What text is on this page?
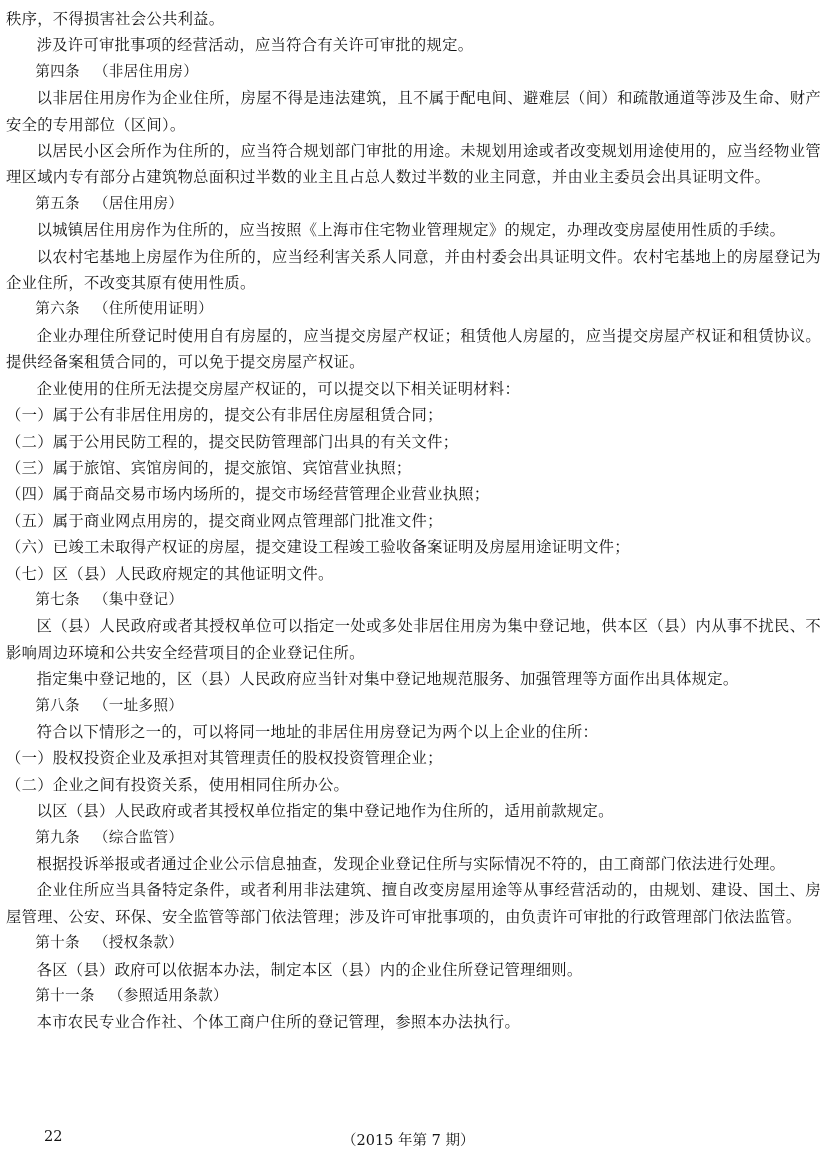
秩序，不得损害社会公共利益。

涉及许可审批事项的经营活动，应当符合有关许可审批的规定。

第四条 （非居住用房）

以非居住用房作为企业住所，房屋不得是违法建筑，且不属于配电间、避难层（间）和疏散通道等涉及生命、财产安全的专用部位（区间）。

以居民小区会所作为住所的，应当符合规划部门审批的用途。未规划用途或者改变规划用途使用的，应当经物业管理区域内专有部分占建筑物总面积过半数的业主且占总人数过半数的业主同意，并由业主委员会出具证明文件。

第五条 （居住用房）

以城镇居住用房作为住所的，应当按照《上海市住宅物业管理规定》的规定，办理改变房屋使用性质的手续。

以农村宅基地上房屋作为住所的，应当经利害关系人同意，并由村委会出具证明文件。农村宅基地上的房屋登记为企业住所，不改变其原有使用性质。

第六条 （住所使用证明）

企业办理住所登记时使用自有房屋的，应当提交房屋产权证；租赁他人房屋的，应当提交房屋产权证和租赁协议。提供经备案租赁合同的，可以免于提交房屋产权证。

企业使用的住所无法提交房屋产权证的，可以提交以下相关证明材料：

（一）属于公有非居住用房的，提交公有非居住房屋租赁合同；

（二）属于公用民防工程的，提交民防管理部门出具的有关文件；

（三）属于旅馆、宾馆房间的，提交旅馆、宾馆营业执照；

（四）属于商品交易市场内场所的，提交市场经营管理企业营业执照；

（五）属于商业网点用房的，提交商业网点管理部门批准文件；

（六）已竣工未取得产权证的房屋，提交建设工程竣工验收备案证明及房屋用途证明文件；

（七）区（县）人民政府规定的其他证明文件。

第七条 （集中登记）

区（县）人民政府或者其授权单位可以指定一处或多处非居住用房为集中登记地，供本区（县）内从事不扰民、不影响周边环境和公共安全经营项目的企业登记住所。

指定集中登记地的，区（县）人民政府应当针对集中登记地规范服务、加强管理等方面作出具体规定。

第八条 （一址多照）

符合以下情形之一的，可以将同一地址的非居住用房登记为两个以上企业的住所：

（一）股权投资企业及承担对其管理责任的股权投资管理企业；

（二）企业之间有投资关系，使用相同住所办公。

以区（县）人民政府或者其授权单位指定的集中登记地作为住所的，适用前款规定。

第九条 （综合监管）

根据投诉举报或者通过企业公示信息抽查，发现企业登记住所与实际情况不符的，由工商部门依法进行处理。

企业住所应当具备特定条件，或者利用非法建筑、擅自改变房屋用途等从事经营活动的，由规划、建设、国土、房屋管理、公安、环保、安全监管等部门依法管理；涉及许可审批事项的，由负责许可审批的行政管理部门依法监管。

第十条 （授权条款）

各区（县）政府可以依据本办法，制定本区（县）内的企业住所登记管理细则。

第十一条 （参照适用条款）

本市农民专业合作社、个体工商户住所的登记管理，参照本办法执行。

22	（2015 年第 7 期）
